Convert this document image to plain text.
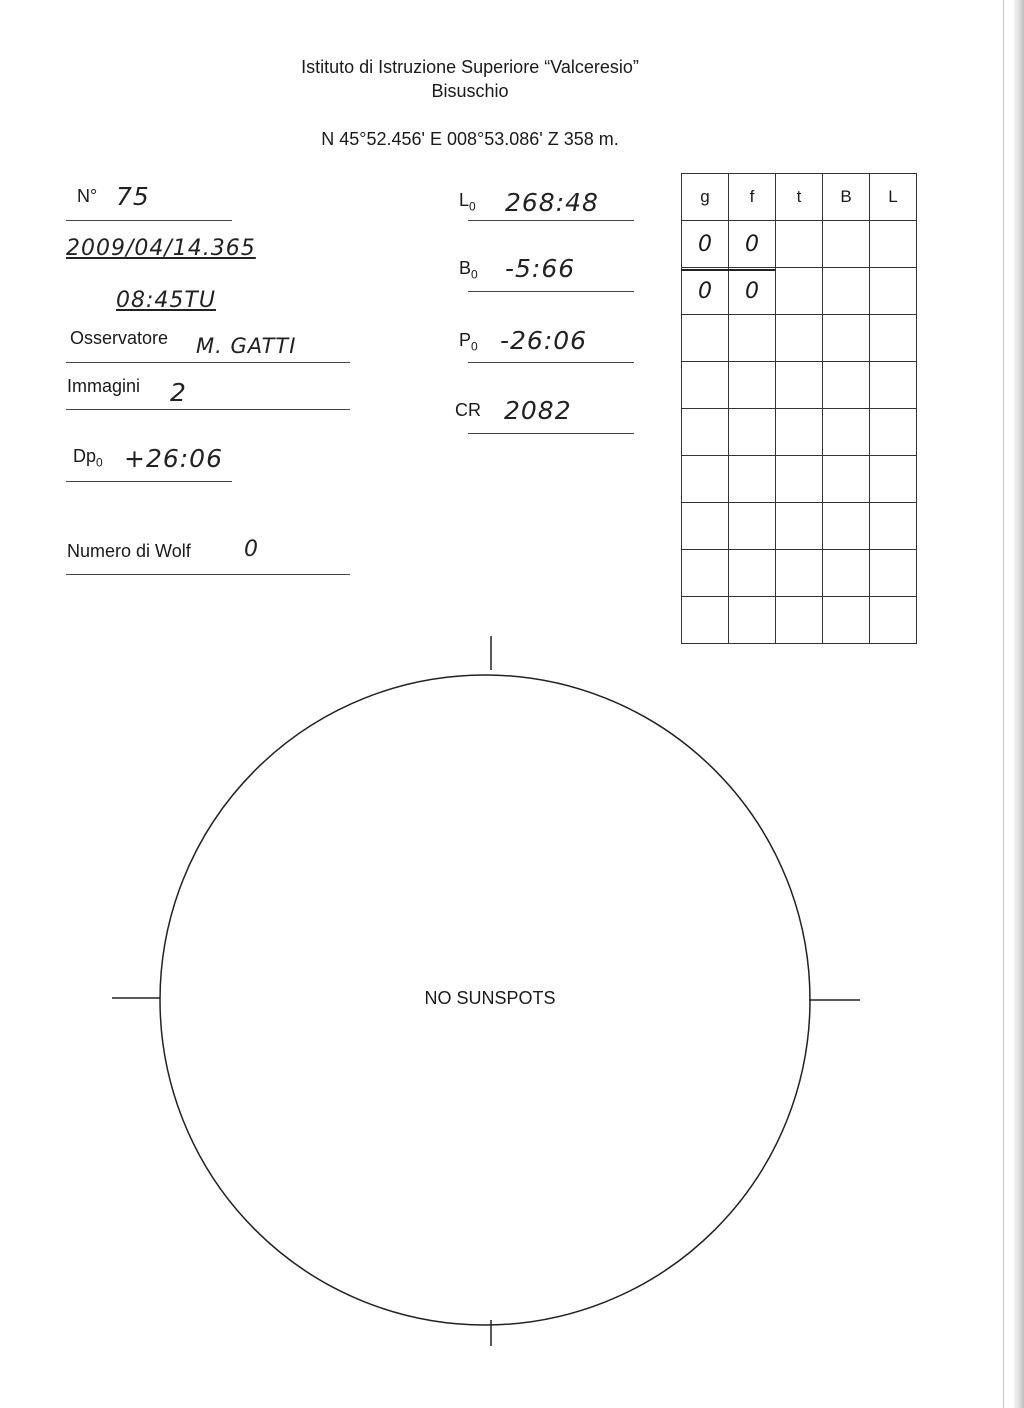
Istituto di Istruzione Superiore “Valceresio”
Bisuschio
N 45°52.456' E 008°53.086' Z 358 m.
N° 75
2009/04/14.365
08:45TU
Osservatore M. GATTI
Immagini 2
$Dp_0$ +26:06
Numero di Wolf 0
$L_0$ 268:48
$B_0$ -5:66
$P_0$ -26:06
CR 2082
g	f	t	B	L
0	0			
0	0			

NO SUNSPOTS
